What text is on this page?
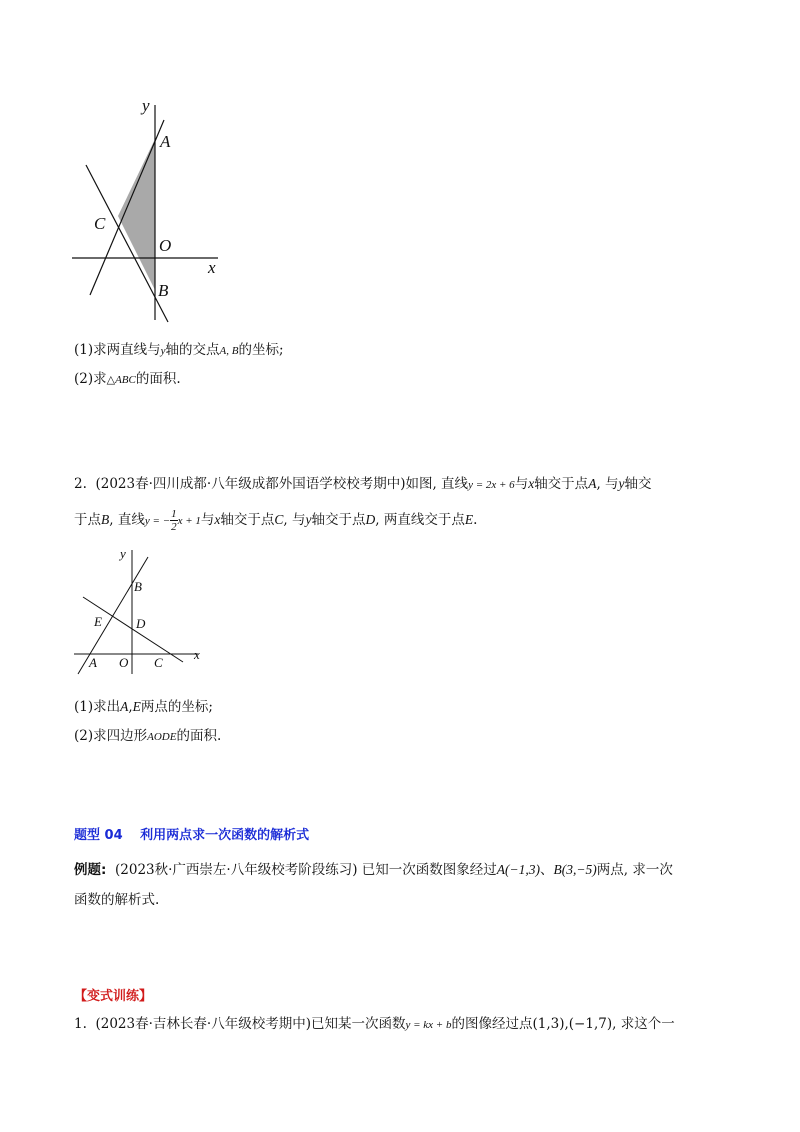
y
x
A
C
O
B
(1)求两直线与y轴的交点A, B的坐标;
(2)求△ABC的面积.
2. (2023春·四川成都·八年级成都外国语学校校考期中)如图, 直线y = 2x + 6与x轴交于点A, 与y轴交
于点B, 直线y = − $\frac{1}{2}$ x + 1与x轴交于点C, 与y轴交于点D, 两直线交于点E.
y
x
B
E	D
A O C
(1)求出A,E两点的坐标;
(2)求四边形AODE的面积.
题型 04　 利用两点求一次函数的解析式
例题: (2023秋·广西崇左·八年级校考阶段练习) 已知一次函数图象经过A(−1,3)、B(3,−5)两点, 求一次
函数的解析式.
【变式训练】
1. (2023春·吉林长春·八年级校考期中)已知某一次函数y = kx + b的图像经过点(1,3),(−1,7), 求这个一
